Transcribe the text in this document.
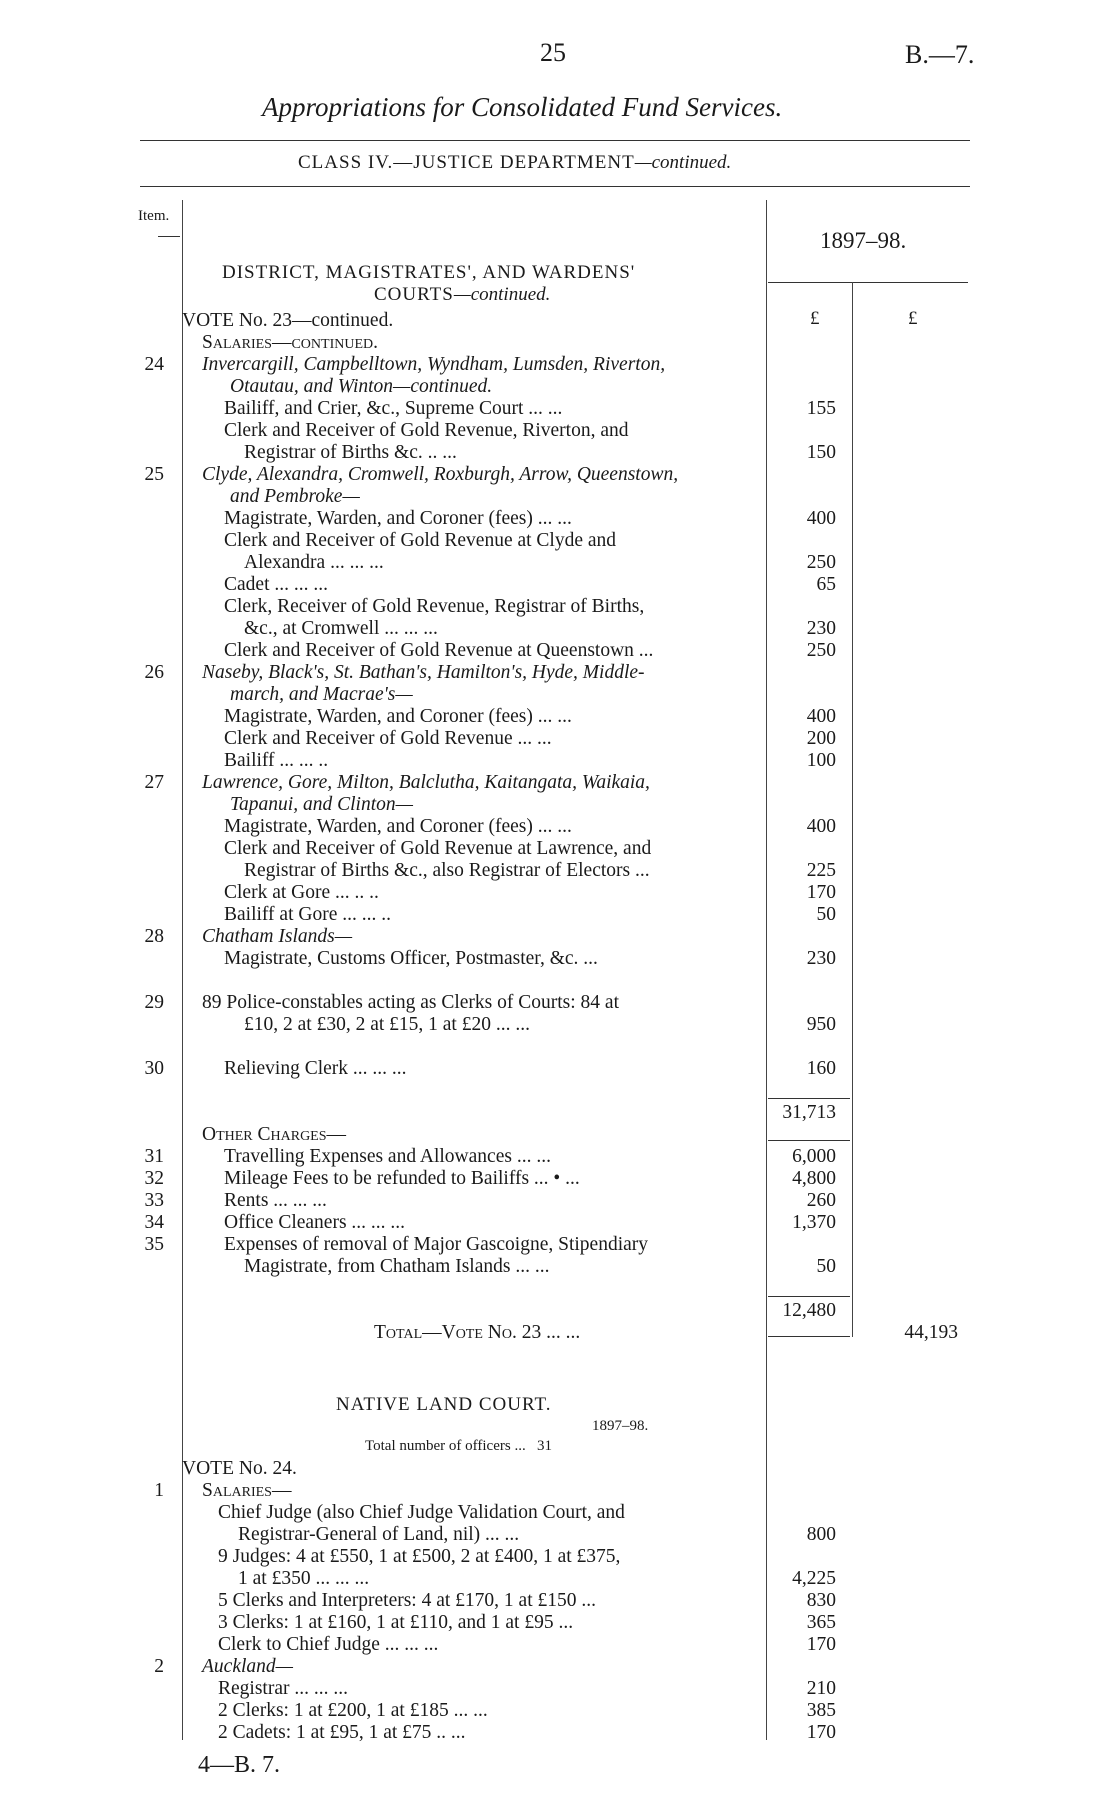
25	B.—7.
Appropriations for Consolidated Fund Services.
CLASS IV.—JUSTICE DEPARTMENT—continued.
Item.
1897–98.
£	£
DISTRICT, MAGISTRATES', AND WARDENS'
COURTS—continued.
VOTE No. 23—continued.
Salaries—continued.
24 Invercargill, Campbelltown, Wyndham, Lumsden, Riverton,
Otautau, and Winton—continued.
Bailiff, and Crier, &c., Supreme Court ... ...	155
Clerk and Receiver of Gold Revenue, Riverton, and
Registrar of Births &c. .. ...	150
25 Clyde, Alexandra, Cromwell, Roxburgh, Arrow, Queenstown,
and Pembroke—
Magistrate, Warden, and Coroner (fees) ... ...	400
Clerk and Receiver of Gold Revenue at Clyde and
Alexandra ... ... ...	250
Cadet ... ... ...	65
Clerk, Receiver of Gold Revenue, Registrar of Births,
&c., at Cromwell ... ... ...	230
Clerk and Receiver of Gold Revenue at Queenstown ...	250
26 Naseby, Black's, St. Bathan's, Hamilton's, Hyde, Middle-
march, and Macrae's—
Magistrate, Warden, and Coroner (fees) ... ...	400
Clerk and Receiver of Gold Revenue ... ...	200
Bailiff ... ... ..	100
27 Lawrence, Gore, Milton, Balclutha, Kaitangata, Waikaia,
Tapanui, and Clinton—
Magistrate, Warden, and Coroner (fees) ... ...	400
Clerk and Receiver of Gold Revenue at Lawrence, and
Registrar of Births &c., also Registrar of Electors ...	225
Clerk at Gore ... .. ..	170
Bailiff at Gore ... ... ..	50
28 Chatham Islands—
Magistrate, Customs Officer, Postmaster, &c. ...	230
29 89 Police-constables acting as Clerks of Courts: 84 at
£10, 2 at £30, 2 at £15, 1 at £20 ... ...	950
30	Relieving Clerk ... ... ...	160
31,713
Other Charges—
31	Travelling Expenses and Allowances ... ...	6,000
32	Mileage Fees to be refunded to Bailiffs ... • ...	4,800
33	Rents ... ... ...	260
34	Office Cleaners ... ... ...	1,370
35	Expenses of removal of Major Gascoigne, Stipendiary
Magistrate, from Chatham Islands ... ...	50
12,480
Total—Vote No. 23 ... ...	44,193
NATIVE LAND COURT.
1897–98.
Total number of officers ... 31
VOTE No. 24.
1 Salaries—
Chief Judge (also Chief Judge Validation Court, and
Registrar-General of Land, nil) ... ...	800
9 Judges: 4 at £550, 1 at £500, 2 at £400, 1 at £375,
1 at £350 ... ... ...	4,225
5 Clerks and Interpreters: 4 at £170, 1 at £150 ...	830
3 Clerks: 1 at £160, 1 at £110, and 1 at £95 ...	365
Clerk to Chief Judge ... ... ...	170
2 Auckland—
Registrar ... ... ...	210
2 Clerks: 1 at £200, 1 at £185 ... ...	385
2 Cadets: 1 at £95, 1 at £75 .. ...	170
4—B. 7.
